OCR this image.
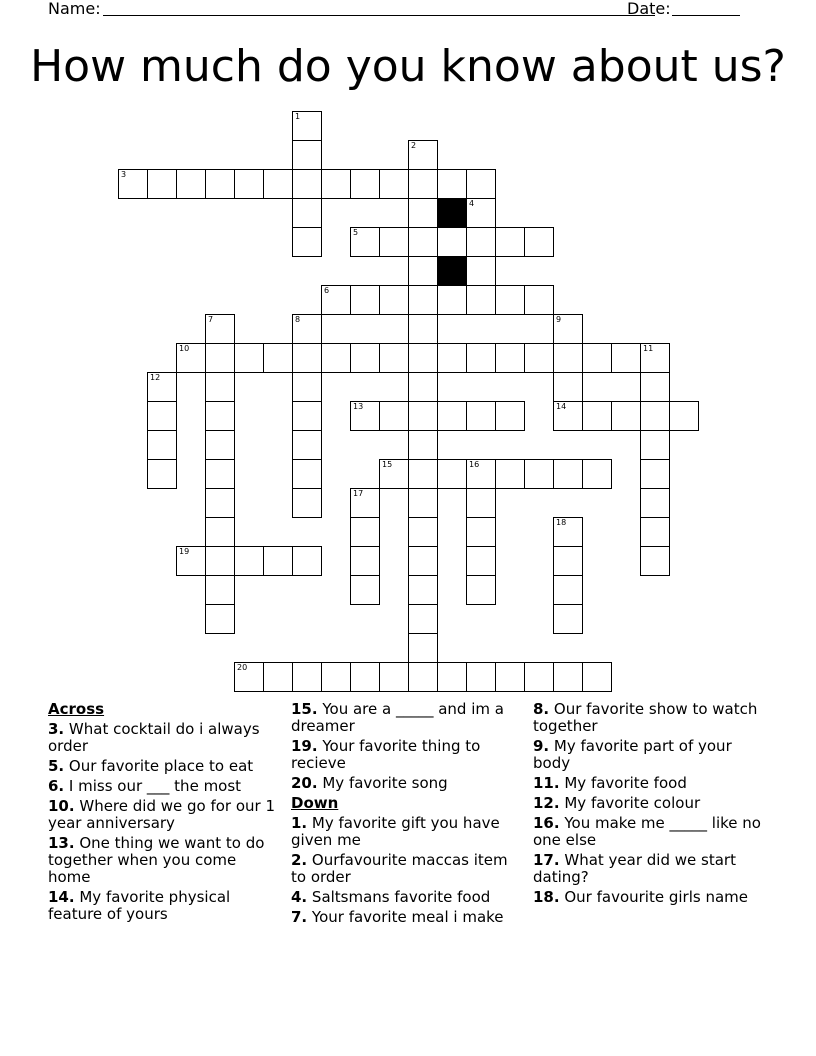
Name:	Date:
How much do you know about us?
3
5
6
10	11
13	14
15	16
19
20
1
2
4
7	8	9
12
17
18
Across
3. What cocktail do i always order
5. Our favorite place to eat
6. I miss our ___ the most
10. Where did we go for our 1 year anniversary
13. One thing we want to do together when you come home
14. My favorite physical feature of yours
15. You are a _____ and im a dreamer
19. Your favorite thing to recieve
20. My favorite song
Down
1. My favorite gift you have given me
2. Ourfavourite maccas item to order
4. Saltsmans favorite food
7. Your favorite meal i make
8. Our favorite show to watch together
9. My favorite part of your body
11. My favorite food
12. My favorite colour
16. You make me _____ like no one else
17. What year did we start dating?
18. Our favourite girls name
